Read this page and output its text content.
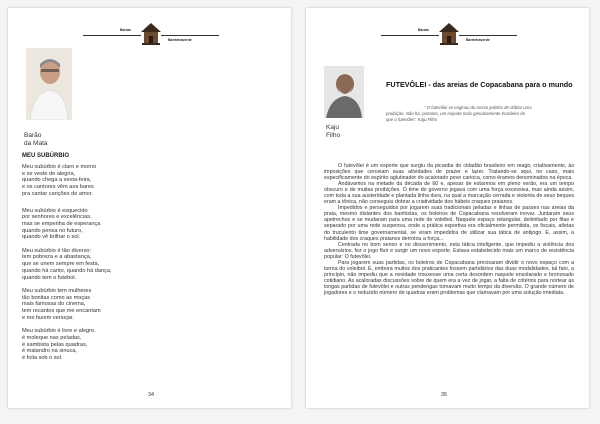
Barrac
Barrinhaverde
Barão
da Mata
MEU SUBÚRBIO
Meu subúrbio é claro e morno
e se veste de alegria,
quando chega a sexta-feira,
e os cantores vêm aos bares
pra cantar canções de amor.
Meu subúrbio é esquecido
por senhores e excelências,
mas se empenha de esperança
quando pensa no futuro,
quando vê brilhar o sol.
Meu subúrbio é tão diverso:
tem pobreza e a abastança,
que se unem sempre em festa,
quando há canto, quando há dança,
quando tem o futebol.
Meu subúrbio tem mulheres
tão bonitas como as moças
mais famosas do cinema,
tem recantos que me encantam
e me fazem versejar.
Meu subúrbio é livre e alegre,
é moleque nas peladas,
é sambista pelas quadras,
é malandro na sinuca,
é folia sob o sol.
34
Barrac
Barrinhaverde
Kaju
Filho
FUTEVÔLEI - das areias de Copacabana para o mundo
" O futevôlei se originou do nosso jeitinho de driblar uma
proibição. Não há, portanto, um esporte mais genuinamente brasileiro do
que o futevôlei". Kaju Filho

O futevôlei é um esporte que surgiu da picardia do cidadão brasileiro em reagir, criativamente, às imposições que cerceiam suas atividades de prazer e lazer. Tratando-se aqui, no caso, mais especificamente do espírito aglutinador do acalorado povo carioca, como éramos denominados na época.

Andávamos na metade da década de 60 e, apesar de estarmos em pleno verão, era um tempo obscuro e de muitas proibições. O time do governo jogava com uma força excessiva, mas ainda assim, com toda a sua austeridade e plantada linha dura, na qual a marcação cerrada e violenta de seus beques eram a tônica, não conseguiu dobrar a criatividade dos hábeis craques praianos.

Impedidos e perseguidos por jogarem suas tradicionais peladas e linhas de passes nas areias da praia, mesmo distantes dos banhistas, os boleiros de Copacabana resolveram inovar. Juntaram seus apetrechos e se mudaram para uma rede de voleibol. Naquele espaço retangular, delimitado por fitas e separado por uma rede suspensa, onde a prática esportiva era oficialmente permitida, os fiscais, atletas do truculento time governamental, se viram impedidos de utilizar sua tática de antijogo. E, assim, a habilidade dos craques praianos derrotou a força...

Centrada no bom senso e no discernimento, esta tática inteligente, que impediu a violência dos adversários, fez o jogo fluir e surgir um novo esporte. Estava estabelecido mais um marco de resistência popular: O futevôlei.

Para jogarem suas partidas, os boleiros de Copacabana precisaram dividir o novo espaço com a turma do voleibol. E, embora muitos dos praticantes fossem partidários das duas modalidades, tal fato, a princípio, não impediu que a novidade trouxesse uma certa desordem naquele ensolarado e bronzeado cotidiano. As acaloradas discussões sobre de quem era a vez de jogar, a falta de critérios para nortear as longas partidas de futevôlei e outras pendengas tornavam muito tempo da diversão. O grande número de jogadores e o reduzido número de quadras eram problemas que clamavam por uma solução imediata.

35
